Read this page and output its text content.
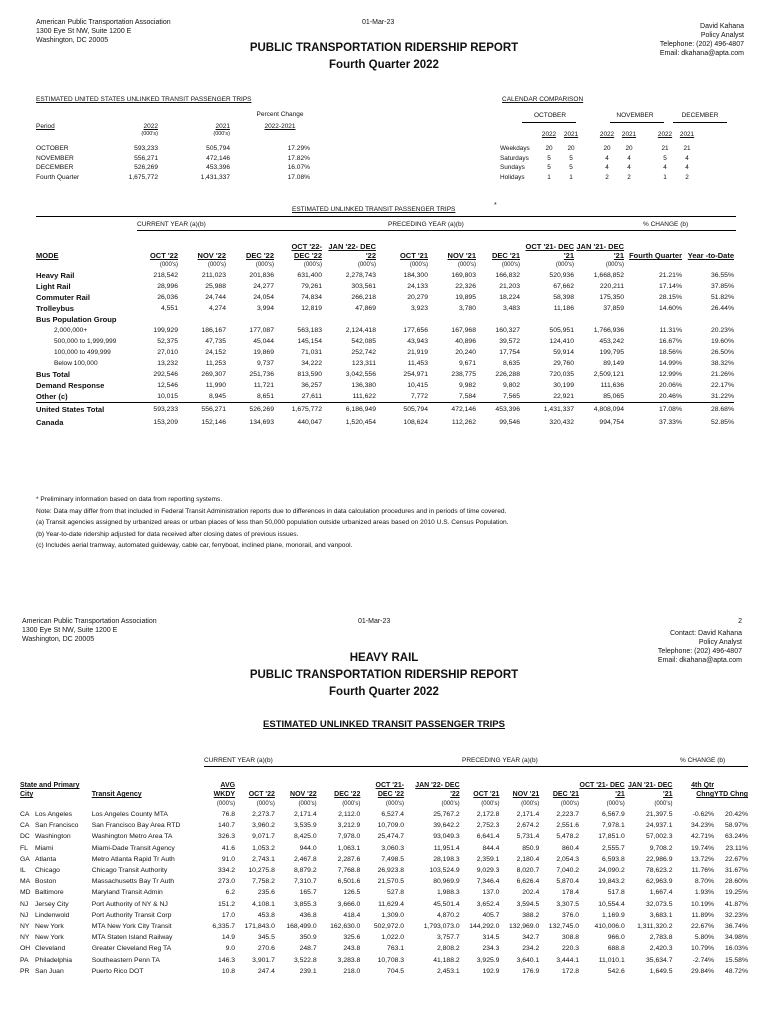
American Public Transportation Association
1300 Eye St NW, Suite 1200 E
Washington, DC 20005
01-Mar-23
David Kahana
Policy Analyst
Telephone: (202) 496-4807
Email: dkahana@apta.com
PUBLIC TRANSPORTATION RIDERSHIP REPORT
Fourth Quarter 2022
ESTIMATED UNITED STATES UNLINKED TRANSIT PASSENGER TRIPS
Percent Change
Period	2022	2021	2022-2021
(000's)	(000's)
OCTOBER	593,233	505,794	17.29%
NOVEMBER	556,271	472,146	17.82%
DECEMBER	526,269	453,396	16.07%
Fourth Quarter	1,675,772	1,431,337	17.08%
CALENDAR COMPARISON
OCTOBER	NOVEMBER	DECEMBER
	2022	2021	2022	2021	2022	2021	

Weekdays	20	20	20	20	21	21	
Saturdays	5	5	4	4	5	4	
Sundays	5	5	4	4	4	4	
Holidays	1	1	2	2	1	2	
ESTIMATED UNLINKED TRANSIT PASSENGER TRIPS
*
CURRENT YEAR (a)(b)	PRECEDING YEAR (a)(b)	% CHANGE (b)
MODE	OCT '22	NOV '22	DEC '22	OCT '22- DEC '22	JAN '22- DEC '22	OCT '21	NOV '21	DEC '21	OCT '21- DEC '21	JAN '21- DEC '21	Fourth Quarter	Year -to-Date
	(000's)	(000's)	(000's)	(000's)	(000's)	(000's)	(000's)	(000's)	(000's)	(000's)		
Heavy Rail	218,542	211,023	201,836	631,400	2,278,743	184,300	169,803	166,832	520,936	1,668,852	21.21%	36.55%
Light Rail	28,996	25,988	24,277	79,261	303,561	24,133	22,326	21,203	67,662	220,211	17.14%	37.85%
Commuter Rail	26,036	24,744	24,054	74,834	266,218	20,279	19,895	18,224	58,398	175,350	28.15%	51.82%
Trolleybus	4,551	4,274	3,994	12,819	47,869	3,923	3,780	3,483	11,186	37,859	14.60%	26.44%
Bus Population Group												
2,000,000+	199,929	186,167	177,087	563,183	2,124,418	177,656	167,968	160,327	505,951	1,766,936	11.31%	20.23%
500,000 to 1,999,999	52,375	47,735	45,044	145,154	542,085	43,943	40,896	39,572	124,410	453,242	16.67%	19.60%
100,000 to 499,999	27,010	24,152	19,869	71,031	252,742	21,919	20,240	17,754	59,914	199,795	18.56%	26.50%
Below 100,000	13,232	11,253	9,737	34,222	123,311	11,453	9,671	8,635	29,760	89,149	14.99%	38.32%
Bus Total	292,546	269,307	251,736	813,590	3,042,556	254,971	238,775	226,288	720,035	2,509,121	12.99%	21.26%
Demand Response	12,546	11,990	11,721	36,257	136,380	10,415	9,982	9,802	30,199	111,636	20.06%	22.17%
Other (c)	10,015	8,945	8,651	27,611	111,622	7,772	7,584	7,565	22,921	85,065	20.46%	31.22%
United States Total	593,233	556,271	526,269	1,675,772	6,186,949	505,794	472,146	453,396	1,431,337	4,808,094	17.08%	28.68%
Canada	153,209	152,146	134,693	440,047	1,520,454	108,624	112,262	99,546	320,432	994,754	37.33%	52.85%
* Preliminary information based on data from reporting systems.
Note: Data may differ from that included in Federal Transit Administration reports due to differences in data calculation procedures and in periods of time covered.
(a) Transit agencies assigned by urbanized areas or urban places of less than 50,000 population outside urbanized areas based on 2010 U.S. Census Population.
(b) Year-to-date ridership adjusted for data received after closing dates of previous issues.
(c) Includes aerial tramway, automated guideway, cable car, ferryboat, inclined plane, monorail, and vanpool.
American Public Transportation Association
1300 Eye St NW, Suite 1200 E
Washington, DC 20005
01-Mar-23	2
Contact: David Kahana
Policy Analyst
Telephone: (202) 496-4807
Email: dkahana@apta.com
HEAVY RAIL
PUBLIC TRANSPORTATION RIDERSHIP REPORT
Fourth Quarter 2022
ESTIMATED UNLINKED TRANSIT PASSENGER TRIPS
CURRENT YEAR (a)(b)	PRECEDING YEAR (a)(b)	% CHANGE (b)
State and Primary City	Transit Agency	AVG WKDY	OCT '22	NOV '22	DEC '22	OCT '21- DEC '22	JAN '22- DEC '22	OCT '21	NOV '21	DEC '21	OCT '21- DEC '21	JAN '21- DEC '21	4th Qtr Chng	YTD Chng
		(000's)	(000's)	(000's)	(000's)	(000's)	(000's)	(000's)	(000's)	(000's)	(000's)	(000's)		
CA Los Angeles	Los Angeles County MTA	76.8	2,273.7	2,171.4	2,112.0	6,527.4	25,767.2	2,172.8	2,171.4	2,223.7	6,567.9	21,397.5	-0.62%	20.42%
CA San Francisco	San Francisco Bay Area RTD	140.7	3,960.2	3,535.9	3,212.9	10,709.0	39,642.2	2,752.3	2,674.2	2,551.6	7,978.1	24,937.1	34.23%	58.97%
DC Washington	Washington Metro Area TA	326.3	9,071.7	8,425.0	7,978.0	25,474.7	93,049.3	6,641.4	5,731.4	5,478.2	17,851.0	57,002.3	42.71%	63.24%
FL Miami	Miami-Dade Transit Agency	41.6	1,053.2	944.0	1,063.1	3,060.3	11,951.4	844.4	850.9	860.4	2,555.7	9,708.2	19.74%	23.11%
GA Atlanta	Metro Atlanta Rapid Tr Auth	91.0	2,743.1	2,467.8	2,287.6	7,498.5	28,198.3	2,359.1	2,180.4	2,054.3	6,593.8	22,986.9	13.72%	22.67%
IL Chicago	Chicago Transit Authority	334.2	10,275.8	8,879.2	7,768.8	26,923.8	103,524.9	9,029.3	8,020.7	7,040.2	24,090.2	78,623.2	11.76%	31.67%
MA Boston	Massachusetts Bay Tr Auth	273.0	7,758.2	7,310.7	6,501.6	21,570.5	80,969.9	7,346.4	6,626.4	5,870.4	19,843.2	62,963.9	8.70%	28.60%
MD Baltimore	Maryland Transit Admin	6.2	235.6	165.7	126.5	527.8	1,988.3	137.0	202.4	178.4	517.8	1,667.4	1.93%	19.25%
NJ Jersey City	Port Authority of NY & NJ	151.2	4,108.1	3,855.3	3,666.0	11,629.4	45,501.4	3,652.4	3,594.5	3,307.5	10,554.4	32,073.5	10.19%	41.87%
NJ Lindenwold	Port Authority Transit Corp	17.0	453.8	436.8	418.4	1,309.0	4,870.2	405.7	388.2	376.0	1,169.9	3,683.1	11.89%	32.23%
NY New York	MTA New York City Transit	6,335.7	171,843.0	168,499.0	162,630.0	502,972.0	1,793,073.0	144,292.0	132,969.0	132,745.0	410,006.0	1,311,320.2	22.67%	36.74%
NY New York	MTA Staten Island Railway	14.9	345.5	350.9	325.6	1,022.0	3,757.7	314.5	342.7	308.8	966.0	2,783.8	5.80%	34.98%
OH Cleveland	Greater Cleveland Reg TA	9.0	270.6	248.7	243.8	763.1	2,808.2	234.3	234.2	220.3	688.8	2,420.3	10.79%	16.03%
PA Philadelphia	Southeastern Penn TA	146.3	3,901.7	3,522.8	3,283.8	10,708.3	41,188.2	3,925.9	3,640.1	3,444.1	11,010.1	35,634.7	-2.74%	15.58%
PR San Juan	Puerto Rico DOT	10.8	247.4	239.1	218.0	704.5	2,453.1	192.9	176.9	172.8	542.6	1,649.5	29.84%	48.72%
